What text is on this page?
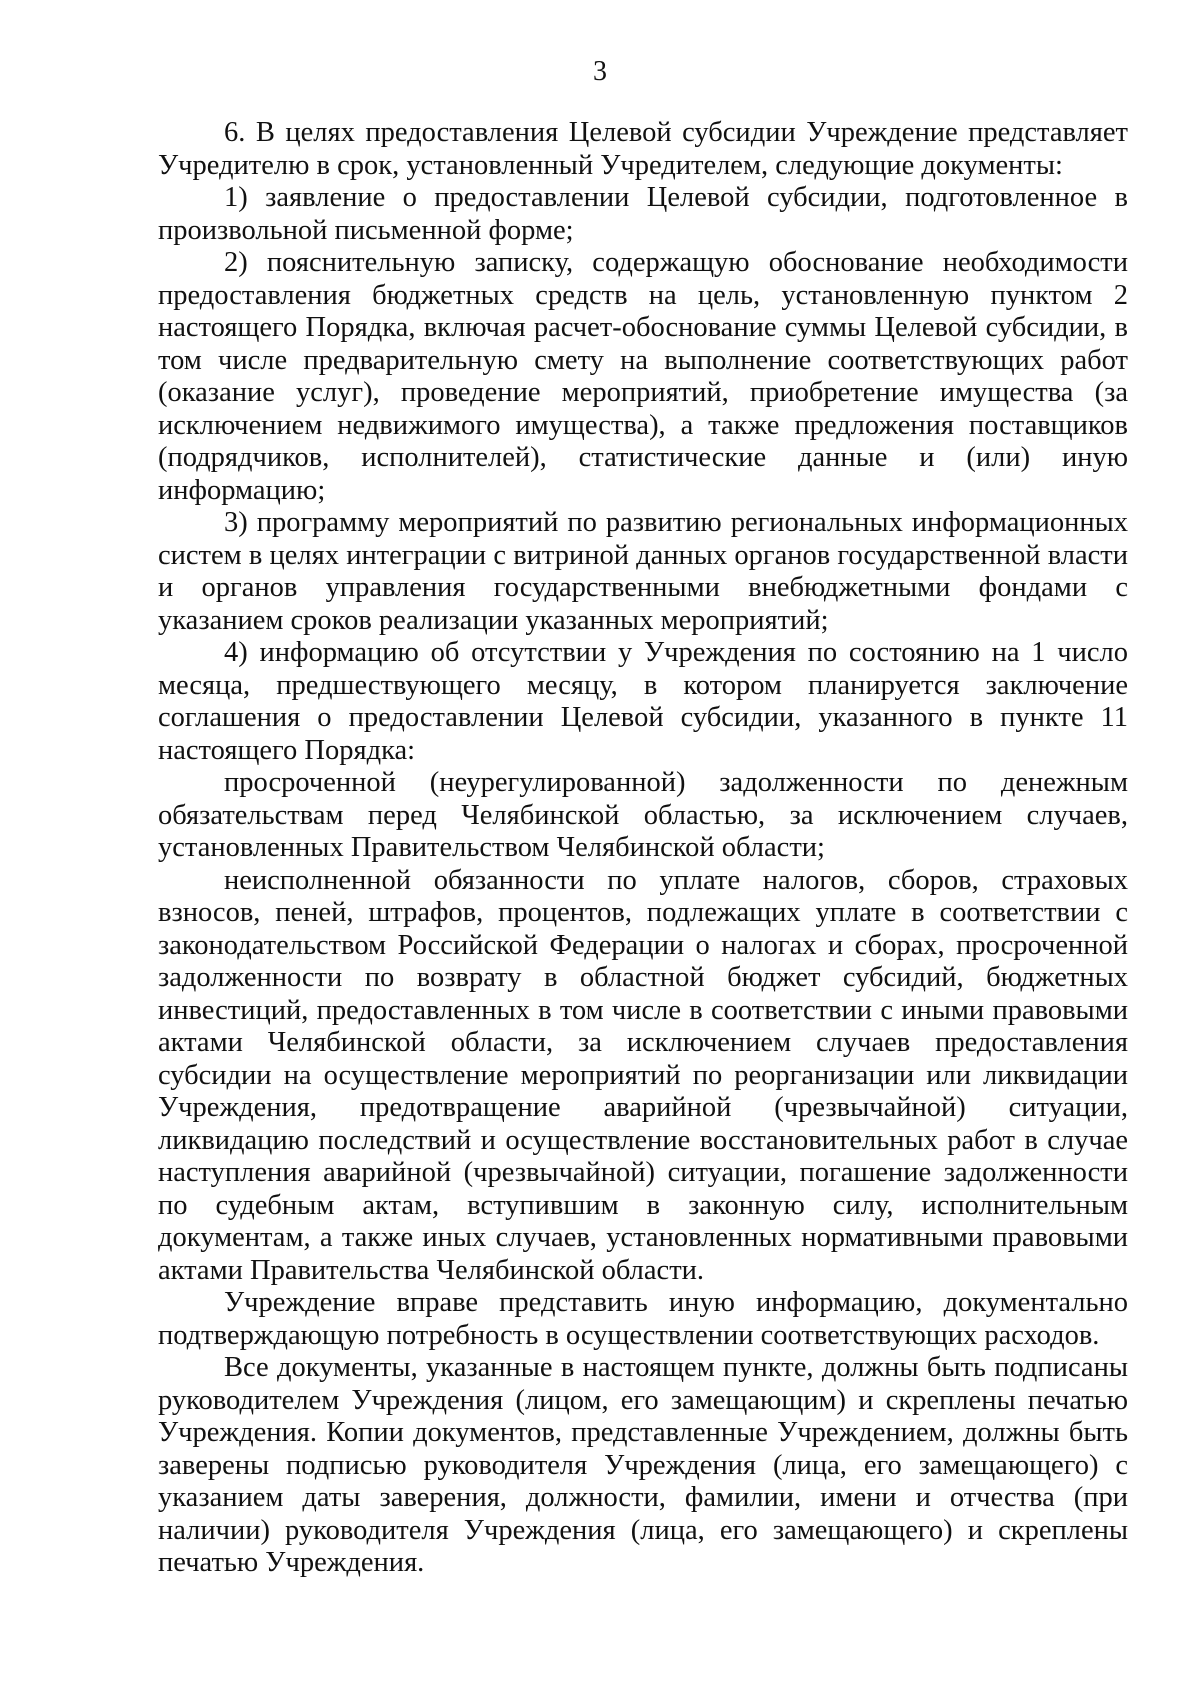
3

6. В целях предоставления Целевой субсидии Учреждение представляет Учредителю в срок, установленный Учредителем, следующие документы:

1) заявление о предоставлении Целевой субсидии, подготовленное в произвольной письменной форме;

2) пояснительную записку, содержащую обоснование необходимости предоставления бюджетных средств на цель, установленную пунктом 2 настоящего Порядка, включая расчет-обоснование суммы Целевой субсидии, в том числе предварительную смету на выполнение соответствующих работ (оказание услуг), проведение мероприятий, приобретение имущества (за исключением недвижимого имущества), а также предложения поставщиков (подрядчиков, исполнителей), статистические данные и (или) иную информацию;

3) программу мероприятий по развитию региональных информационных систем в целях интеграции с витриной данных органов государственной власти и органов управления государственными внебюджетными фондами с указанием сроков реализации указанных мероприятий;

4) информацию об отсутствии у Учреждения по состоянию на 1 число месяца, предшествующего месяцу, в котором планируется заключение соглашения о предоставлении Целевой субсидии, указанного в пункте 11 настоящего Порядка:

просроченной (неурегулированной) задолженности по денежным обязательствам перед Челябинской областью, за исключением случаев, установленных Правительством Челябинской области;

неисполненной обязанности по уплате налогов, сборов, страховых взносов, пеней, штрафов, процентов, подлежащих уплате в соответствии с законодательством Российской Федерации о налогах и сборах, просроченной задолженности по возврату в областной бюджет субсидий, бюджетных инвестиций, предоставленных в том числе в соответствии с иными правовыми актами Челябинской области, за исключением случаев предоставления субсидии на осуществление мероприятий по реорганизации или ликвидации Учреждения, предотвращение аварийной (чрезвычайной) ситуации, ликвидацию последствий и осуществление восстановительных работ в случае наступления аварийной (чрезвычайной) ситуации, погашение задолженности по судебным актам, вступившим в законную силу, исполнительным документам, а также иных случаев, установленных нормативными правовыми актами Правительства Челябинской области.

Учреждение вправе представить иную информацию, документально подтверждающую потребность в осуществлении соответствующих расходов.

Все документы, указанные в настоящем пункте, должны быть подписаны руководителем Учреждения (лицом, его замещающим) и скреплены печатью Учреждения. Копии документов, представленные Учреждением, должны быть заверены подписью руководителя Учреждения (лица, его замещающего) с указанием даты заверения, должности, фамилии, имени и отчества (при наличии) руководителя Учреждения (лица, его замещающего) и скреплены печатью Учреждения.
